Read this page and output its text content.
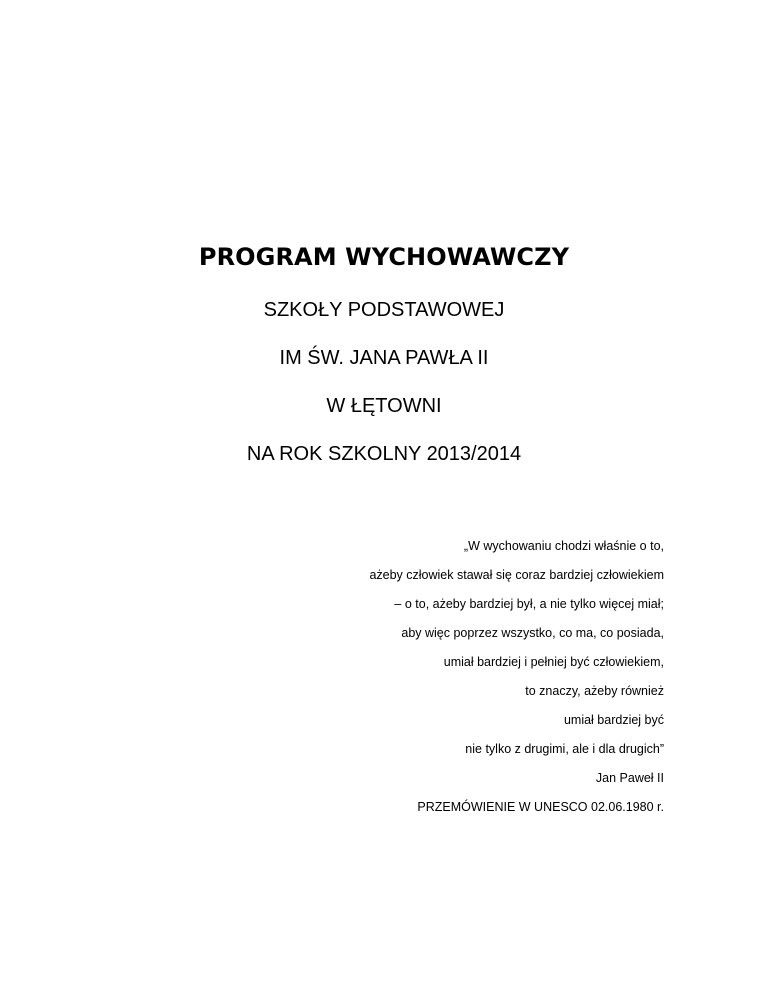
PROGRAM WYCHOWAWCZY
SZKOŁY PODSTAWOWEJ
IM ŚW. JANA PAWŁA II
W ŁĘTOWNI
NA ROK SZKOLNY 2013/2014
„W wychowaniu chodzi właśnie o to,
ażeby człowiek stawał się coraz bardziej człowiekiem
– o to, ażeby bardziej był, a nie tylko więcej miał;
aby więc poprzez wszystko, co ma, co posiada,
umiał bardziej i pełniej być człowiekiem,
to znaczy, ażeby również
umiał bardziej być
nie tylko z drugimi, ale i dla drugich”
Jan Paweł II
PRZEMÓWIENIE W UNESCO 02.06.1980 r.
